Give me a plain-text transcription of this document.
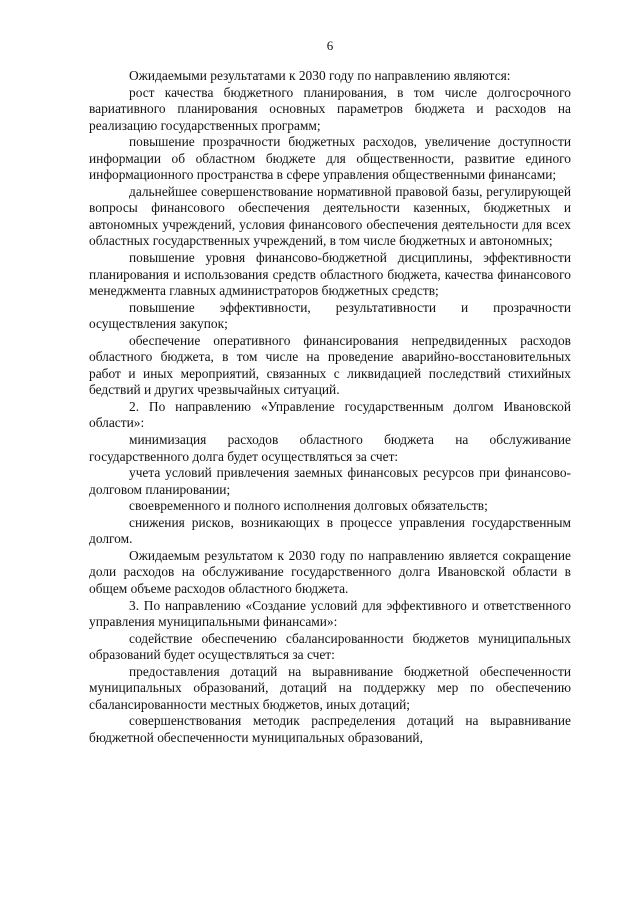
6

Ожидаемыми результатами к 2030 году по направлению являются:

рост качества бюджетного планирования, в том числе долгосрочного вариативного планирования основных параметров бюджета и расходов на реализацию государственных программ;

повышение прозрачности бюджетных расходов, увеличение доступности информации об областном бюджете для общественности, развитие единого информационного пространства в сфере управления общественными финансами;

дальнейшее совершенствование нормативной правовой базы, регулирующей вопросы финансового обеспечения деятельности казенных, бюджетных и автономных учреждений, условия финансового обеспечения деятельности для всех областных государственных учреждений, в том числе бюджетных и автономных;

повышение уровня финансово-бюджетной дисциплины, эффективности планирования и использования средств областного бюджета, качества финансового менеджмента главных администраторов бюджетных средств;

повышение эффективности, результативности и прозрачности осуществления закупок;

обеспечение оперативного финансирования непредвиденных расходов областного бюджета, в том числе на проведение аварийно-восстановительных работ и иных мероприятий, связанных с ликвидацией последствий стихийных бедствий и других чрезвычайных ситуаций.

2. По направлению «Управление государственным долгом Ивановской области»:

минимизация расходов областного бюджета на обслуживание государственного долга будет осуществляться за счет:

учета условий привлечения заемных финансовых ресурсов при финансово-долговом планировании;

своевременного и полного исполнения долговых обязательств;

снижения рисков, возникающих в процессе управления государственным долгом.

Ожидаемым результатом к 2030 году по направлению является сокращение доли расходов на обслуживание государственного долга Ивановской области в общем объеме расходов областного бюджета.

3. По направлению «Создание условий для эффективного и ответственного управления муниципальными финансами»:

содействие обеспечению сбалансированности бюджетов муниципальных образований будет осуществляться за счет:

предоставления дотаций на выравнивание бюджетной обеспеченности муниципальных образований, дотаций на поддержку мер по обеспечению сбалансированности местных бюджетов, иных дотаций;

совершенствования методик распределения дотаций на выравнивание бюджетной обеспеченности муниципальных образований,
